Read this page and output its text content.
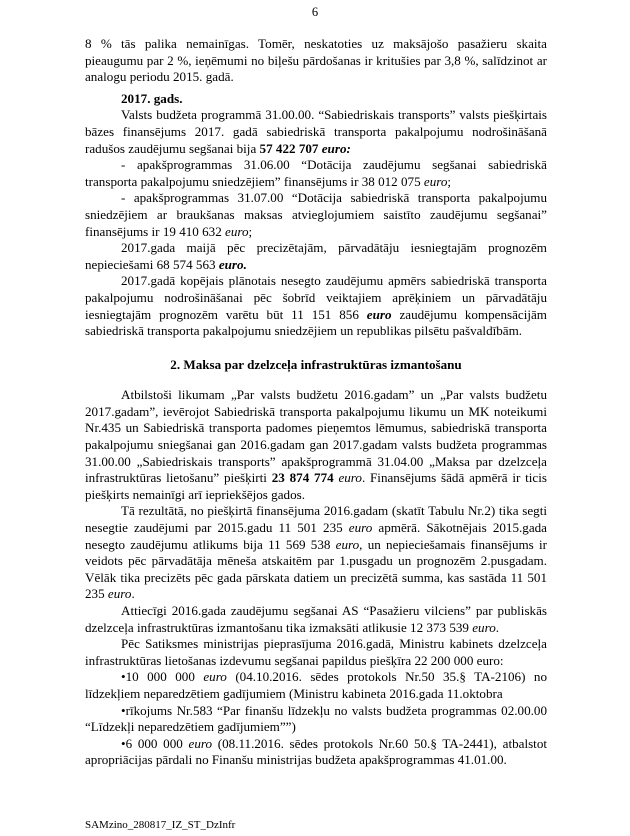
6
8 % tās palika nemainīgas. Tomēr, neskatoties uz maksājošo pasažieru skaita pieaugumu par 2 %, ieņēmumi no biļešu pārdošanas ir kritušies par 3,8 %, salīdzinot ar analogu periodu 2015. gadā.
2017. gads.
Valsts budžeta programmā 31.00.00. “Sabiedriskais transports” valsts piešķirtais bāzes finansējums 2017. gadā sabiedriskā transporta pakalpojumu nodrošināšanā radušos zaudējumu segšanai bija 57 422 707 euro:
- apakšprogrammas 31.06.00 “Dotācija zaudējumu segšanai sabiedriskā transporta pakalpojumu sniedzējiem” finansējums ir 38 012 075 euro;
- apakšprogrammas 31.07.00 “Dotācija sabiedriskā transporta pakalpojumu sniedzējiem ar braukšanas maksas atvieglojumiem saistīto zaudējumu segšanai” finansējums ir 19 410 632 euro;
2017.gada maijā pēc precizētajām, pārvadātāju iesniegtajām prognozēm nepieciešami 68 574 563 euro.
2017.gadā kopējais plānotais nesegto zaudējumu apmērs sabiedriskā transporta pakalpojumu nodrošināšanai pēc šobrīd veiktajiem aprēķiniem un pārvadātāju iesniegtajām prognozēm varētu būt 11 151 856 euro zaudējumu kompensācijām sabiedriskā transporta pakalpojumu sniedzējiem un republikas pilsētu pašvaldībām.
2. Maksa par dzelzceļa infrastruktūras izmantošanu
Atbilstoši likumam „Par valsts budžetu 2016.gadam” un „Par valsts budžetu 2017.gadam”, ievērojot Sabiedriskā transporta pakalpojumu likumu un MK noteikumi Nr.435 un Sabiedriskā transporta padomes pieņemtos lēmumus, sabiedriskā transporta pakalpojumu sniegšanai gan 2016.gadam gan 2017.gadam valsts budžeta programmas 31.00.00 „Sabiedriskais transports” apakšprogrammā 31.04.00 „Maksa par dzelzceļa infrastruktūras lietošanu” piešķirti 23 874 774 euro. Finansējums šādā apmērā ir ticis piešķirts nemainīgi arī iepriekšējos gados.
Tā rezultātā, no piešķirtā finansējuma 2016.gadam (skatīt Tabulu Nr.2) tika segti nesegtie zaudējumi par 2015.gadu 11 501 235 euro apmērā. Sākotnējais 2015.gada nesegto zaudējumu atlikums bija 11 569 538 euro, un nepieciešamais finansējums ir veidots pēc pārvadātāja mēneša atskaitēm par 1.pusgadu un prognozēm 2.pusgadam. Vēlāk tika precizēts pēc gada pārskata datiem un precizētā summa, kas sastāda 11 501 235 euro.
Attiecīgi 2016.gada zaudējumu segšanai AS “Pasažieru vilciens” par publiskās dzelzceļa infrastruktūras izmantošanu tika izmaksāti atlikusie 12 373 539 euro.
Pēc Satiksmes ministrijas pieprasījuma 2016.gadā, Ministru kabinets dzelzceļa infrastruktūras lietošanas izdevumu segšanai papildus piešķīra 22 200 000 euro:
•10 000 000 euro (04.10.2016. sēdes protokols Nr.50 35.§ TA-2106) no līdzekļiem neparedzētiem gadījumiem (Ministru kabineta 2016.gada 11.oktobra
•rīkojums Nr.583 “Par finanšu līdzekļu no valsts budžeta programmas 02.00.00 “Līdzekļi neparedzētiem gadījumiem””)
•6 000 000 euro (08.11.2016. sēdes protokols Nr.60 50.§ TA-2441), atbalstot apropriācijas pārdali no Finanšu ministrijas budžeta apakšprogrammas 41.01.00.
SAMzino_280817_IZ_ST_DzInfr
